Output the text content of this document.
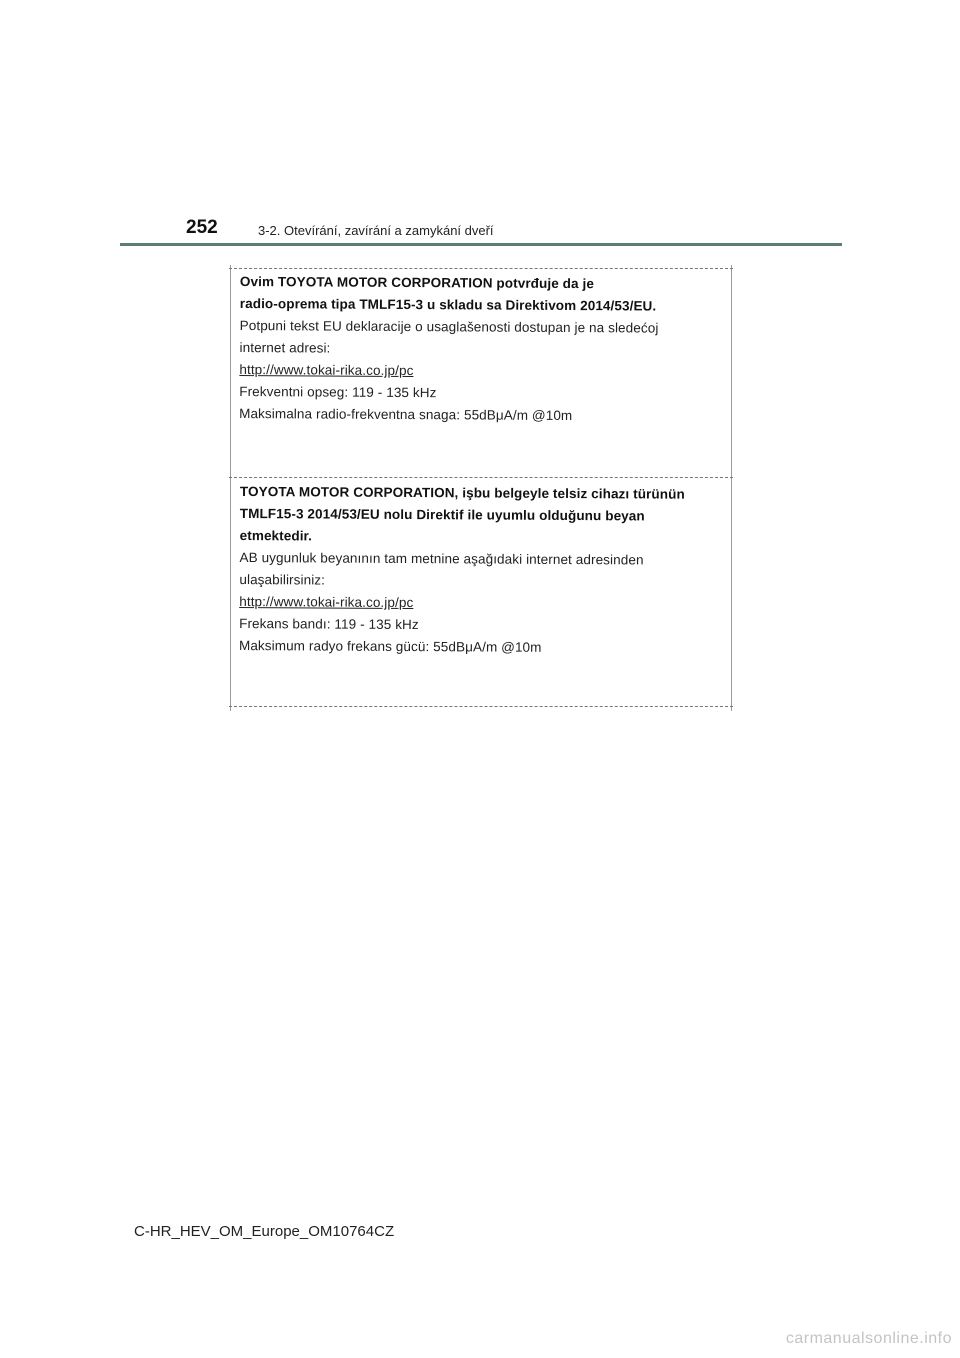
252	3-2. Otevírání, zavírání a zamykání dveří
Ovim TOYOTA MOTOR CORPORATION potvrđuje da je
radio-oprema tipa TMLF15-3 u skladu sa Direktivom 2014/53/EU.
Potpuni tekst EU deklaracije o usaglašenosti dostupan je na sledećoj
internet adresi:
http://www.tokai-rika.co.jp/pc
Frekventni opseg: 119 - 135 kHz
Maksimalna radio-frekventna snaga: 55dBμA/m @10m
TOYOTA MOTOR CORPORATION, işbu belgeyle telsiz cihazı türünün
TMLF15-3 2014/53/EU nolu Direktif ile uyumlu olduğunu beyan
etmektedir.
AB uygunluk beyanının tam metnine aşağıdaki internet adresinden
ulaşabilirsiniz:
http://www.tokai-rika.co.jp/pc
Frekans bandı: 119 - 135 kHz
Maksimum radyo frekans gücü: 55dBμA/m @10m
C-HR_HEV_OM_Europe_OM10764CZ
carmanualsonline.info
